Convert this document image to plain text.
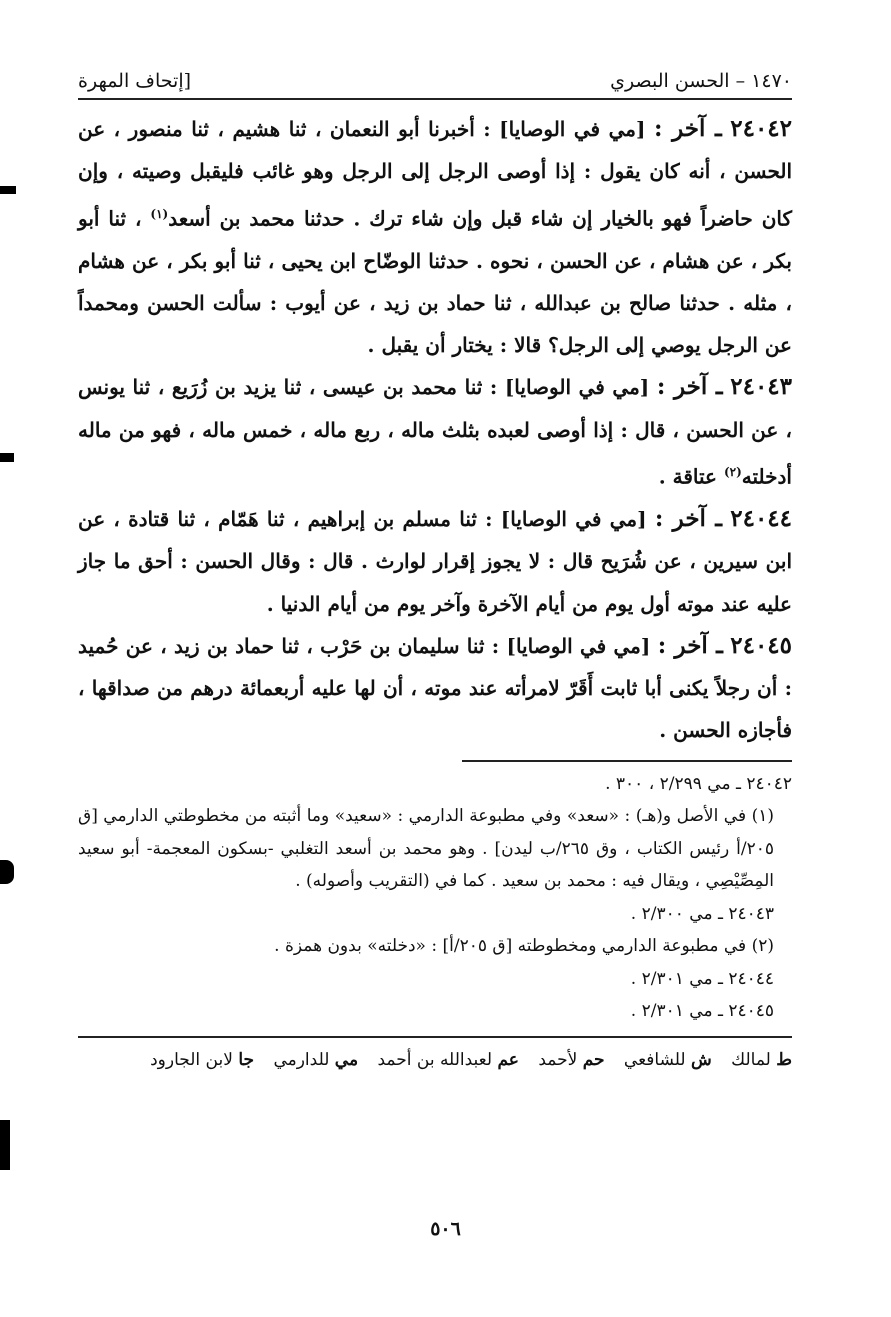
١٤٧٠ – الحسن البصري
[إتحاف المهرة
٢٤٠٤٢ ـ آخر : [مي في الوصايا] : أخبرنا أبو النعمان ، ثنا هشيم ، ثنا منصور ، عن الحسن ، أنه كان يقول : إذا أوصى الرجل إلى الرجل وهو غائب فليقبل وصيته ، وإن كان حاضراً فهو بالخيار إن شاء قبل وإن شاء ترك . حدثنا محمد بن أسعد$^{(١)}$ ، ثنا أبو بكر ، عن هشام ، عن الحسن ، نحوه . حدثنا الوضّاح ابن يحيى ، ثنا أبو بكر ، عن هشام ، مثله . حدثنا صالح بن عبدالله ، ثنا حماد بن زيد ، عن أيوب : سألت الحسن ومحمداً عن الرجل يوصي إلى الرجل؟ قالا : يختار أن يقبل .
٢٤٠٤٣ ـ آخر : [مي في الوصايا] : ثنا محمد بن عيسى ، ثنا يزيد بن زُرَيع ، ثنا يونس ، عن الحسن ، قال : إذا أوصى لعبده بثلث ماله ، ربع ماله ، خمس ماله ، فهو من ماله أدخلته$^{(٢)}$ عتاقة .
٢٤٠٤٤ ـ آخر : [مي في الوصايا] : ثنا مسلم بن إبراهيم ، ثنا هَمّام ، ثنا قتادة ، عن ابن سيرين ، عن شُرَيح قال : لا يجوز إقرار لوارث . قال : وقال الحسن : أحق ما جاز عليه عند موته أول يوم من أيام الآخرة وآخر يوم من أيام الدنيا .
٢٤٠٤٥ ـ آخر : [مي في الوصايا] : ثنا سليمان بن حَرْب ، ثنا حماد بن زيد ، عن حُميد : أن رجلاً يكنى أبا ثابت أَقَرّ لامرأته عند موته ، أن لها عليه أربعمائة درهم من صداقها ، فأجازه الحسن .
٢٤٠٤٢ ـ مي ٢/٢٩٩ ، ٣٠٠ .
(١) في الأصل و(هـ) : «سعد» وفي مطبوعة الدارمي : «سعيد» وما أثبته من مخطوطتي الدارمي [ق ٢٠٥/أ رئيس الكتاب ، وق ٢٦٥/ب ليدن] . وهو محمد بن أسعد التغلبي -بسكون المعجمة- أبو سعيد المِصِّيْصِي ، ويقال فيه : محمد بن سعيد . كما في (التقريب وأصوله) .
٢٤٠٤٣ ـ مي ٢/٣٠٠ .
(٢) في مطبوعة الدارمي ومخطوطته [ق ٢٠٥/أ] : «دخلته» بدون همزة .
٢٤٠٤٤ ـ مي ٢/٣٠١ .
٢٤٠٤٥ ـ مي ٢/٣٠١ .
ط لمالك ش للشافعي حم لأحمد عم لعبدالله بن أحمد مي للدارمي جا لابن الجارود
٥٠٦
